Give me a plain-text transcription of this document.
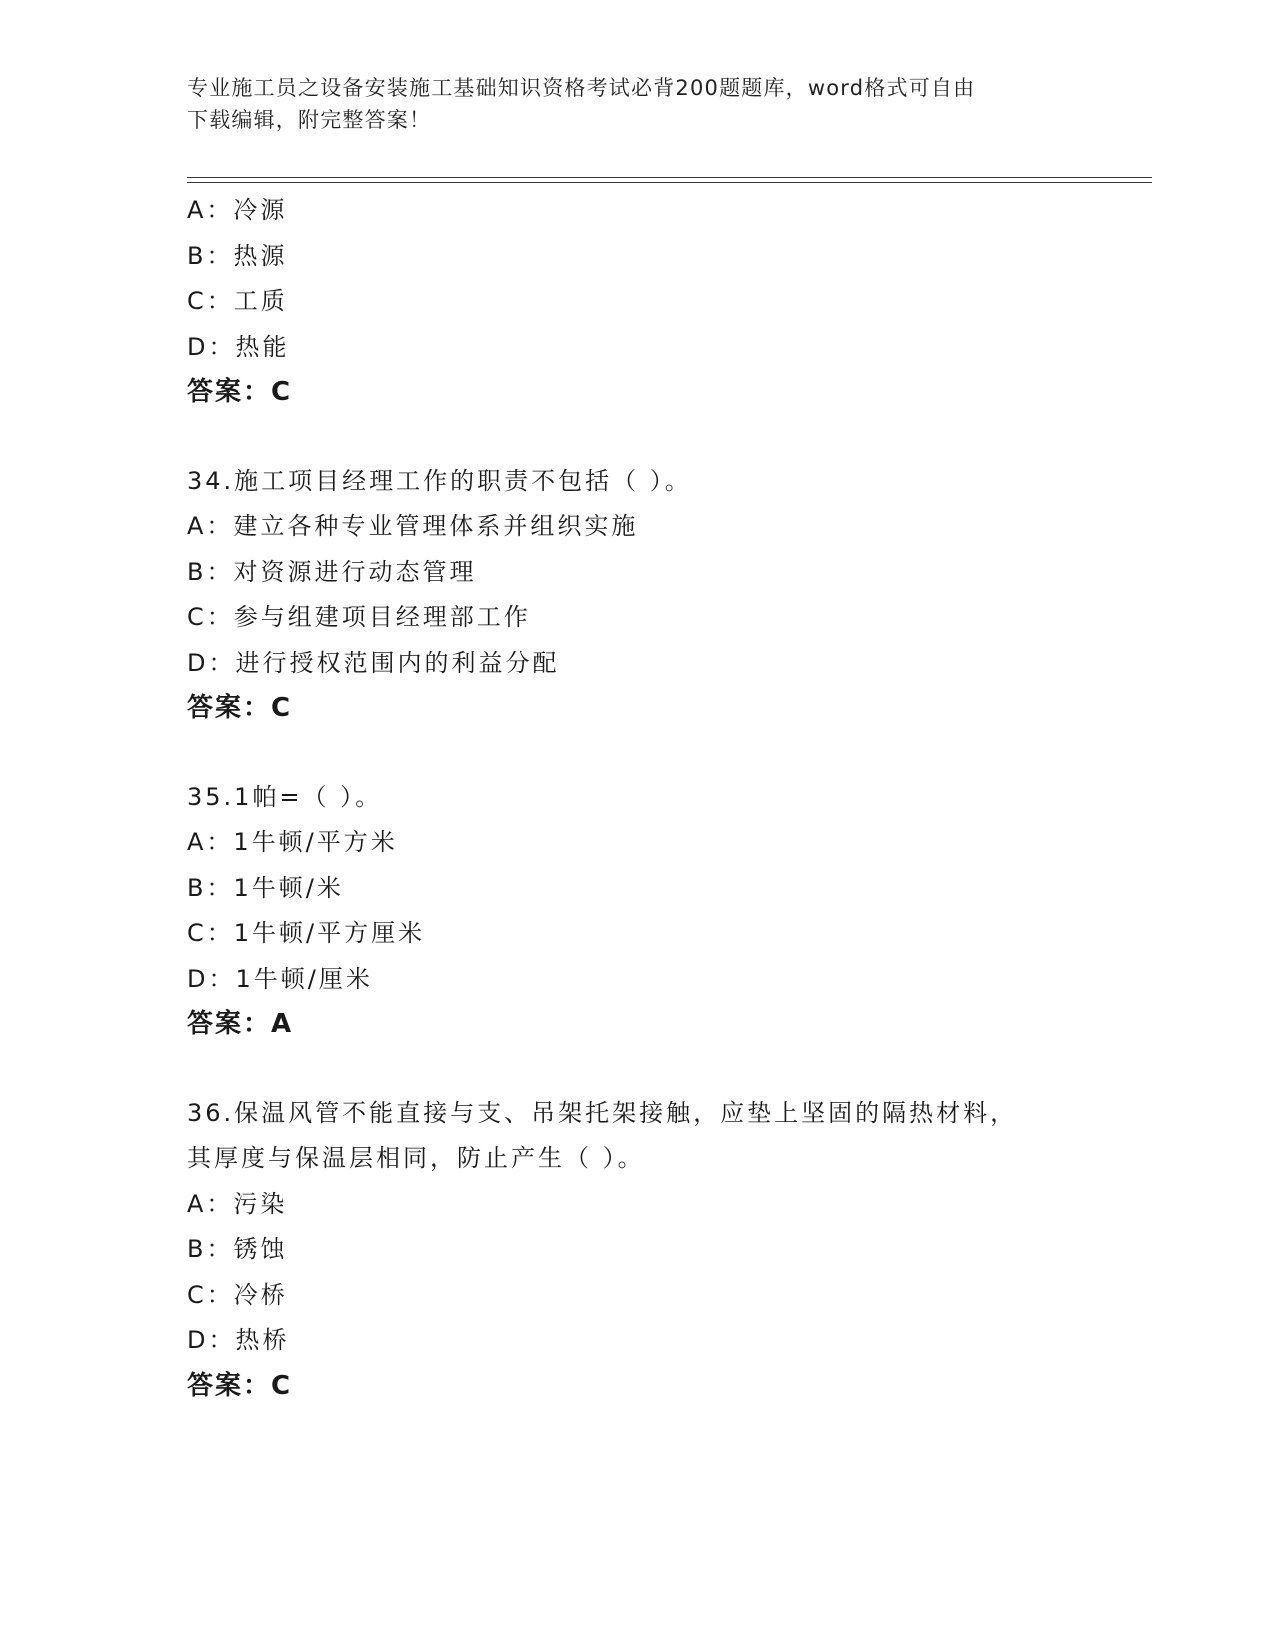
专业施工员之设备安装施工基础知识资格考试必背200题题库，word格式可自由
下载编辑，附完整答案！
A：冷源
B：热源
C：工质
D：热能
答案：C
34.施工项目经理工作的职责不包括（ ）。
A：建立各种专业管理体系并组织实施
B：对资源进行动态管理
C：参与组建项目经理部工作
D：进行授权范围内的利益分配
答案：C
35.1帕=（ ）。
A：1牛顿/平方米
B：1牛顿/米
C：1牛顿/平方厘米
D：1牛顿/厘米
答案：A
36.保温风管不能直接与支、吊架托架接触，应垫上坚固的隔热材料，
其厚度与保温层相同，防止产生（ ）。
A：污染
B：锈蚀
C：冷桥
D：热桥
答案：C
